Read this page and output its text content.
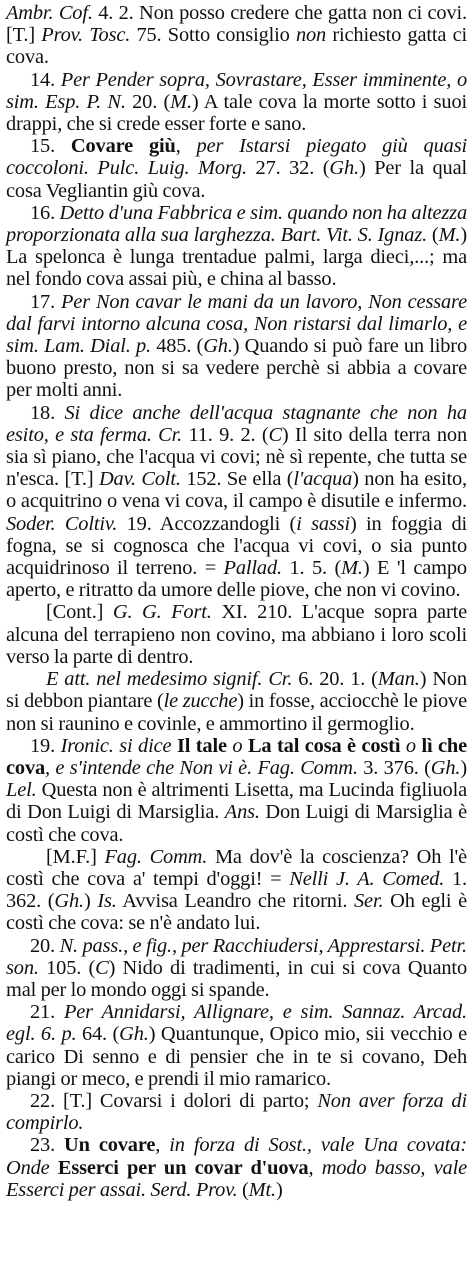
Ambr. Cof. 4. 2. Non posso credere che gatta non ci covi. [T.] Prov. Tosc. 75. Sotto consiglio non richiesto gatta ci cova.

14. Per Pender sopra, Sovrastare, Esser imminente, o sim. Esp. P. N. 20. (M.) A tale cova la morte sotto i suoi drappi, che si crede esser forte e sano.

15. Covare giù, per Istarsi piegato giù quasi coccoloni. Pulc. Luig. Morg. 27. 32. (Gh.) Per la qual cosa Vegliantin giù cova.

16. Detto d'una Fabbrica e sim. quando non ha altezza proporzionata alla sua larghezza. Bart. Vit. S. Ignaz. (M.) La spelonca è lunga trentadue palmi, larga dieci,...; ma nel fondo cova assai più, e china al basso.

17. Per Non cavar le mani da un lavoro, Non cessare dal farvi intorno alcuna cosa, Non ristarsi dal limarlo, e sim. Lam. Dial. p. 485. (Gh.) Quando si può fare un libro buono presto, non si sa vedere perchè si abbia a covare per molti anni.

18. Si dice anche dell'acqua stagnante che non ha esito, e sta ferma. Cr. 11. 9. 2. (C) Il sito della terra non sia sì piano, che l'acqua vi covi; nè sì repente, che tutta se n'esca. [T.] Dav. Colt. 152. Se ella (l'acqua) non ha esito, o acquitrino o vena vi cova, il campo è disutile e infermo. Soder. Coltiv. 19. Accozzandogli (i sassi) in foggia di fogna, se si cognosca che l'acqua vi covi, o sia punto acquidrinoso il terreno. = Pallad. 1. 5. (M.) E 'l campo aperto, e ritratto da umore delle piove, che non vi covino.

[Cont.] G. G. Fort. XI. 210. L'acque sopra parte alcuna del terrapieno non covino, ma abbiano i loro scoli verso la parte di dentro.

E att. nel medesimo signif. Cr. 6. 20. 1. (Man.) Non si debbon piantare (le zucche) in fosse, acciocchè le piove non si raunino e covinle, e ammortino il germoglio.

19. Ironic. si dice Il tale o La tal cosa è costì o lì che cova, e s'intende che Non vi è. Fag. Comm. 3. 376. (Gh.) Lel. Questa non è altrimenti Lisetta, ma Lucinda figliuola di Don Luigi di Marsiglia. Ans. Don Luigi di Marsiglia è costì che cova.

[M.F.] Fag. Comm. Ma dov'è la coscienza? Oh l'è costì che cova a' tempi d'oggi! = Nelli J. A. Comed. 1. 362. (Gh.) Is. Avvisa Leandro che ritorni. Ser. Oh egli è costì che cova: se n'è andato lui.

20. N. pass., e fig., per Racchiudersi, Apprestarsi. Petr. son. 105. (C) Nido di tradimenti, in cui si cova Quanto mal per lo mondo oggi si spande.

21. Per Annidarsi, Allignare, e sim. Sannaz. Arcad. egl. 6. p. 64. (Gh.) Quantunque, Opico mio, sii vecchio e carico Di senno e di pensier che in te si covano, Deh piangi or meco, e prendi il mio ramarico.

22. [T.] Covarsi i dolori di parto; Non aver forza di compirlo.

23. Un covare, in forza di Sost., vale Una covata: Onde Esserci per un covar d'uova, modo basso, vale Esserci per assai. Serd. Prov. (Mt.)
